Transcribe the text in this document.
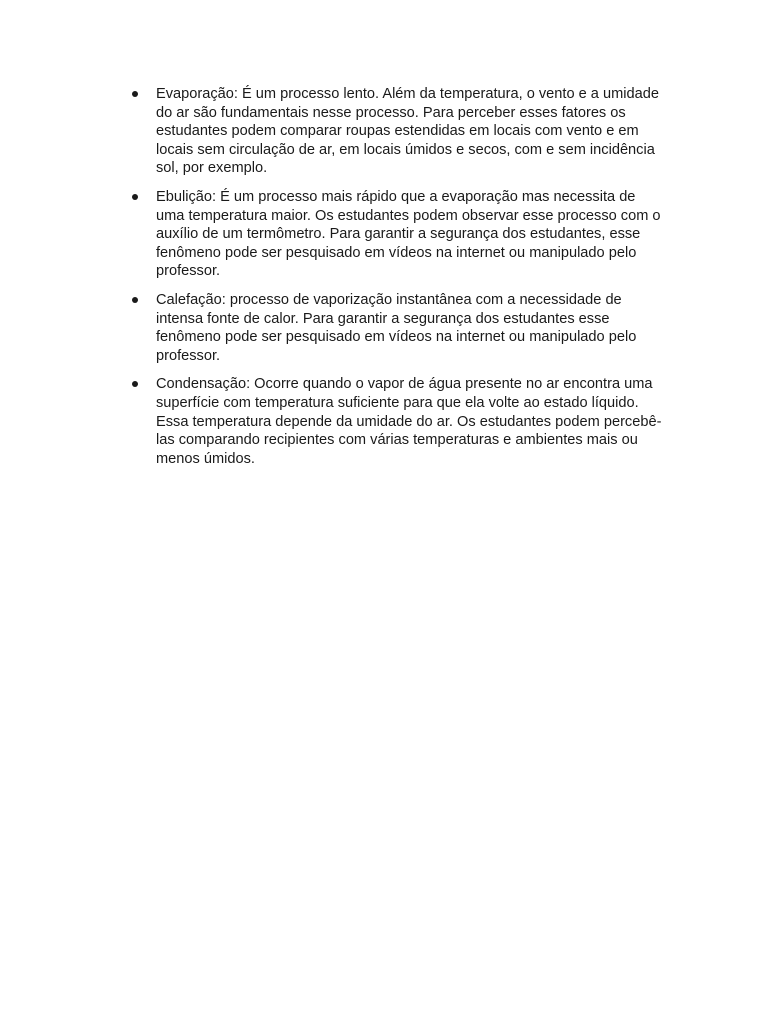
Evaporação: É um processo lento. Além da temperatura, o vento e a umidade do ar são fundamentais nesse processo. Para perceber esses fatores os estudantes podem comparar roupas estendidas em locais com vento e em locais sem circulação de ar, em locais úmidos e secos, com e sem incidência sol, por exemplo.
Ebulição: É um processo mais rápido que a evaporação mas necessita de uma temperatura maior. Os estudantes podem observar esse processo com o auxílio de um termômetro. Para garantir a segurança dos estudantes, esse fenômeno pode ser pesquisado em vídeos na internet ou manipulado pelo professor.
Calefação: processo de vaporização instantânea com a necessidade de intensa fonte de calor. Para garantir a segurança dos estudantes esse fenômeno pode ser pesquisado em vídeos na internet ou manipulado pelo professor.
Condensação: Ocorre quando o vapor de água presente no ar encontra uma superfície com temperatura suficiente para que ela volte ao estado líquido. Essa temperatura depende da umidade do ar. Os estudantes podem percebê-las comparando recipientes com várias temperaturas e ambientes mais ou menos úmidos.
